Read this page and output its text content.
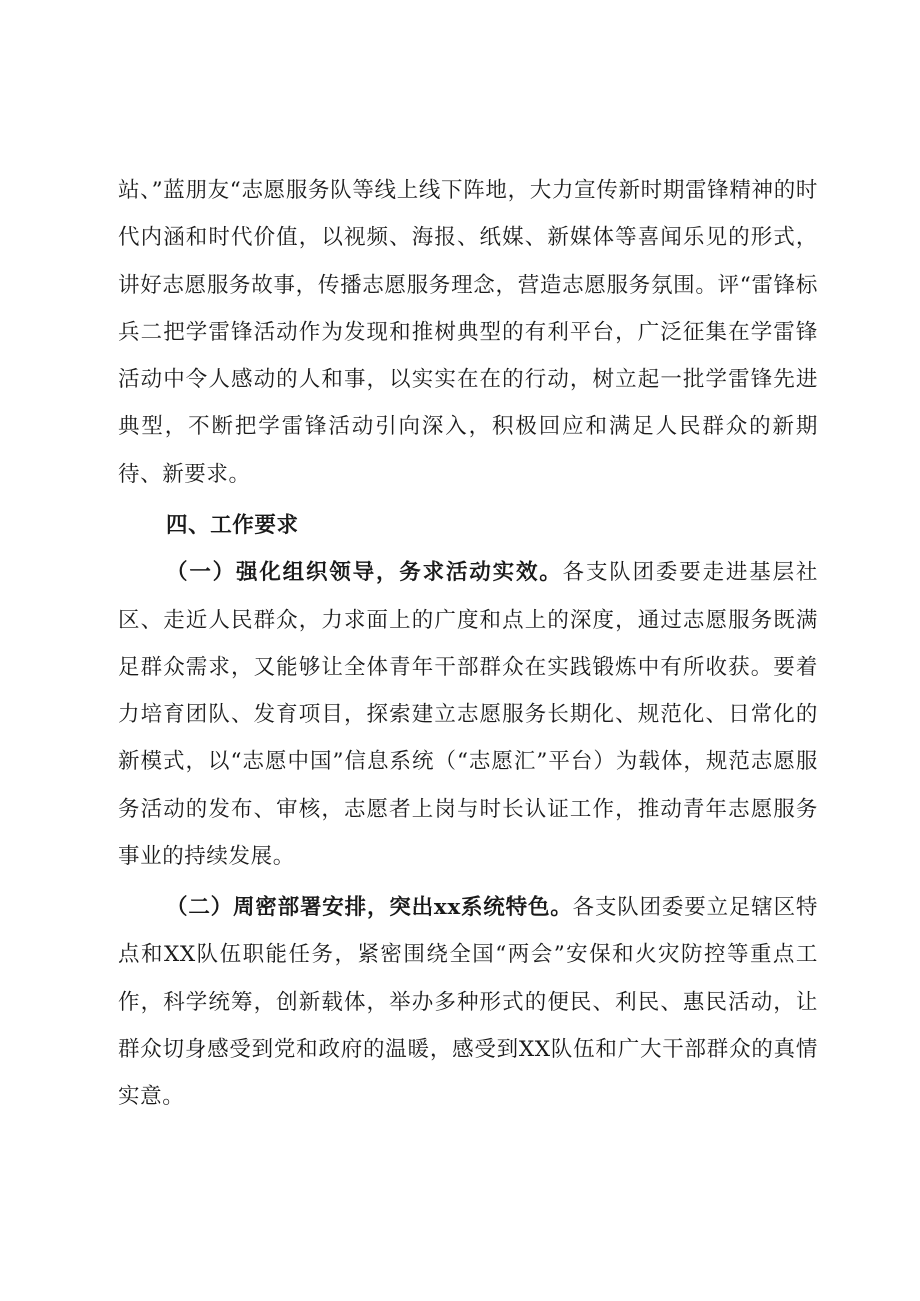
站、”蓝朋友“志愿服务队等线上线下阵地，大力宣传新时期雷锋精神的时代内涵和时代价值，以视频、海报、纸媒、新媒体等喜闻乐见的形式，讲好志愿服务故事，传播志愿服务理念，营造志愿服务氛围。评“雷锋标兵二把学雷锋活动作为发现和推树典型的有利平台，广泛征集在学雷锋活动中令人感动的人和事，以实实在在的行动，树立起一批学雷锋先进典型，不断把学雷锋活动引向深入，积极回应和满足人民群众的新期待、新要求。

四、工作要求

（一）强化组织领导，务求活动实效。各支队团委要走进基层社区、走近人民群众，力求面上的广度和点上的深度，通过志愿服务既满足群众需求，又能够让全体青年干部群众在实践锻炼中有所收获。要着力培育团队、发育项目，探索建立志愿服务长期化、规范化、日常化的新模式，以“志愿中国”信息系统（“志愿汇”平台）为载体，规范志愿服务活动的发布、审核，志愿者上岗与时长认证工作，推动青年志愿服务事业的持续发展。

（二）周密部署安排，突出xx系统特色。各支队团委要立足辖区特点和XX队伍职能任务，紧密围绕全国“两会”安保和火灾防控等重点工作，科学统筹，创新载体，举办多种形式的便民、利民、惠民活动，让群众切身感受到党和政府的温暖，感受到XX队伍和广大干部群众的真情实意。
